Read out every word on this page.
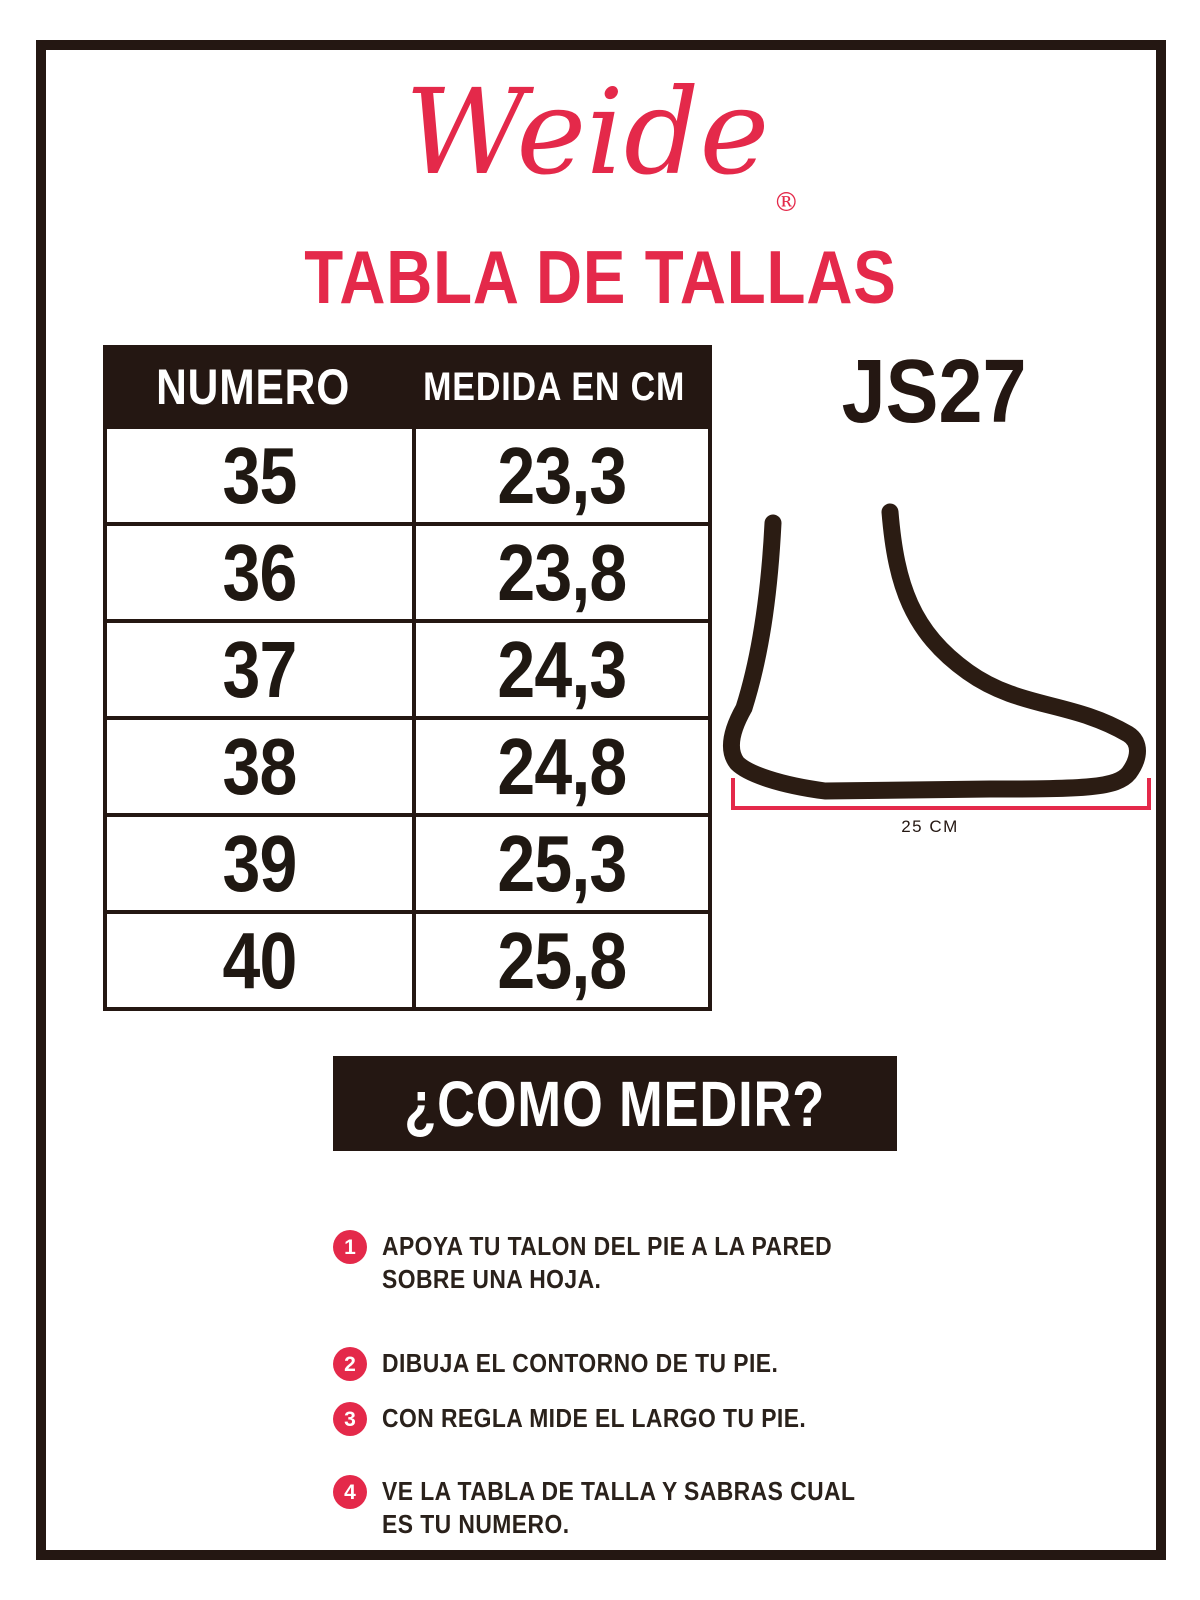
Weide$_®$
TABLA DE TALLAS
NUMERO MEDIDA EN CM
35	23,3
36	23,8
37	24,3
38	24,8
39	25,3
40	25,8
JS27
25 CM
¿COMO MEDIR?
1 APOYA TU TALON DEL PIE A LA PARED SOBRE UNA HOJA.
2 DIBUJA EL CONTORNO DE TU PIE.
3 CON REGLA MIDE EL LARGO TU PIE.
4 VE LA TABLA DE TALLA Y SABRAS CUAL ES TU NUMERO.
